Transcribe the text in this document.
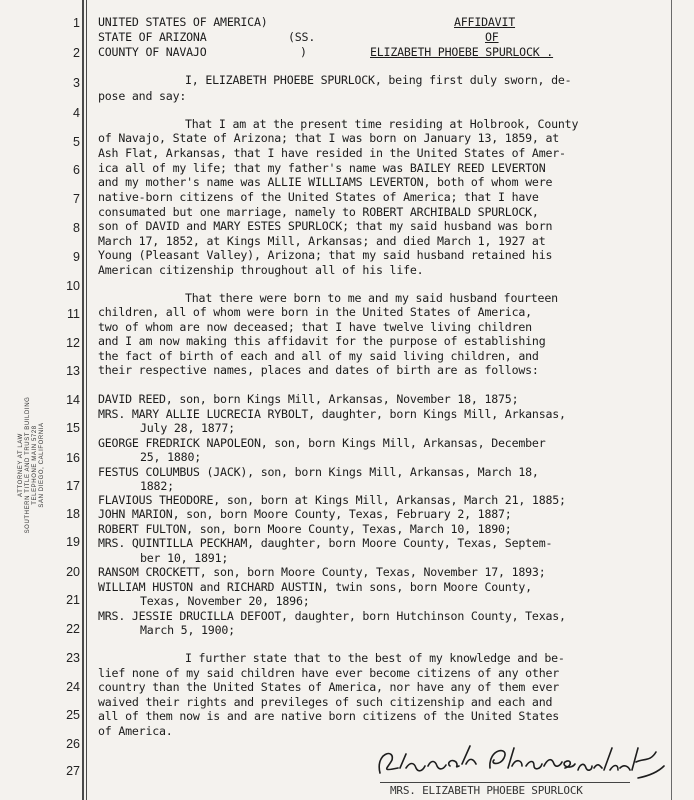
1
2
3
4
5
6
7
8
9
10
11
12
13
14
15
16
17
18
19
20
21
22
23
24
25
26
27
UNITED STATES OF AMERICA)
STATE OF ARIZONA	(SS.
COUNTY OF NAVAJO	)
AFFIDAVIT
OF
ELIZABETH PHOEBE SPURLOCK .
I, ELIZABETH PHOEBE SPURLOCK, being first duly sworn, de-
pose and say:
That I am at the present time residing at Holbrook, County
of Navajo, State of Arizona; that I was born on January 13, 1859, at
Ash Flat, Arkansas, that I have resided in the United States of Amer-
ica all of my life; that my father's name was BAILEY REED LEVERTON
and my mother's name was ALLIE WILLIAMS LEVERTON, both of whom were
native-born citizens of the United States of America; that I have
consumated but one marriage, namely to ROBERT ARCHIBALD SPURLOCK,
son of DAVID and MARY ESTES SPURLOCK; that my said husband was born
March 17, 1852, at Kings Mill, Arkansas; and died March 1, 1927 at
Young (Pleasant Valley), Arizona; that my said husband retained his
American citizenship throughout all of his life.
That there were born to me and my said husband fourteen
children, all of whom were born in the United States of America,
two of whom are now deceased; that I have twelve living children
and I am now making this affidavit for the purpose of establishing
the fact of birth of each and all of my said living children, and
their respective names, places and dates of birth are as follows:
DAVID REED, son, born Kings Mill, Arkansas, November 18, 1875;
MRS. MARY ALLIE LUCRECIA RYBOLT, daughter, born Kings Mill, Arkansas,
July 28, 1877;
GEORGE FREDRICK NAPOLEON, son, born Kings Mill, Arkansas, December
25, 1880;
FESTUS COLUMBUS (JACK), son, born Kings Mill, Arkansas, March 18,
1882;
FLAVIOUS THEODORE, son, born at Kings Mill, Arkansas, March 21, 1885;
JOHN MARION, son, born Moore County, Texas, February 2, 1887;
ROBERT FULTON, son, born Moore County, Texas, March 10, 1890;
MRS. QUINTILLA PECKHAM, daughter, born Moore County, Texas, Septem-
ber 10, 1891;
RANSOM CROCKETT, son, born Moore County, Texas, November 17, 1893;
WILLIAM HUSTON and RICHARD AUSTIN, twin sons, born Moore County,
Texas, November 20, 1896;
MRS. JESSIE DRUCILLA DEFOOT, daughter, born Hutchinson County, Texas,
March 5, 1900;
I further state that to the best of my knowledge and be-
lief none of my said children have ever become citizens of any other
country than the United States of America, nor have any of them ever
waived their rights and previleges of such citizenship and each and
all of them now is and are native born citizens of the United States
of America.
ATTORNEY AT LAW SOUTHERN TITLE AND TRUST BUILDING TELEPHONE MAIN 5728 SAN DIEGO, CALIFORNIA
Elizabeth Phoebe Spurlock
MRS. ELIZABETH PHOEBE SPURLOCK
